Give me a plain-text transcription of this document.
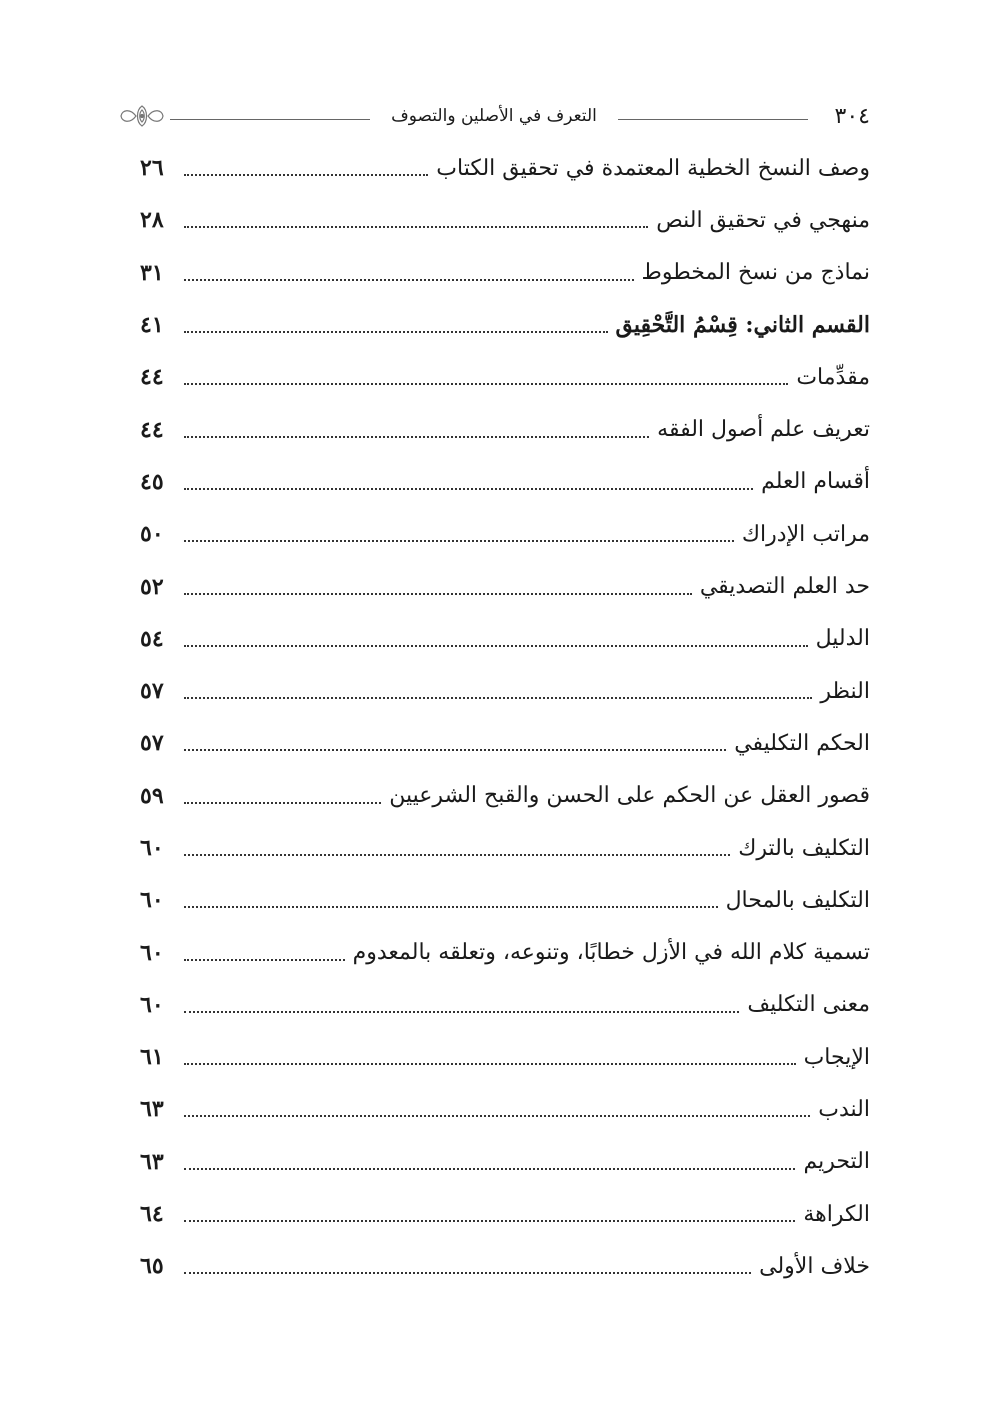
٣٠٤
التعرف في الأصلين والتصوف
وصف النسخ الخطية المعتمدة في تحقيق الكتاب
٢٦
منهجي في تحقيق النص
٢٨
نماذج من نسخ المخطوط
٣١
القسم الثاني: قِسْمُ التَّحْقِيق
٤١
مقدِّمات
٤٤
تعريف علم أصول الفقه
٤٤
أقسام العلم
٤٥
مراتب الإدراك
٥٠
حد العلم التصديقي
٥٢
الدليل
٥٤
النظر
٥٧
الحكم التكليفي
٥٧
قصور العقل عن الحكم على الحسن والقبح الشرعيين
٥٩
التكليف بالترك
٦٠
التكليف بالمحال
٦٠
تسمية كلام الله في الأزل خطابًا، وتنوعه، وتعلقه بالمعدوم
٦٠
معنى التكليف
٦٠
الإيجاب
٦١
الندب
٦٣
التحريم
٦٣
الكراهة
٦٤
خلاف الأولى
٦٥
